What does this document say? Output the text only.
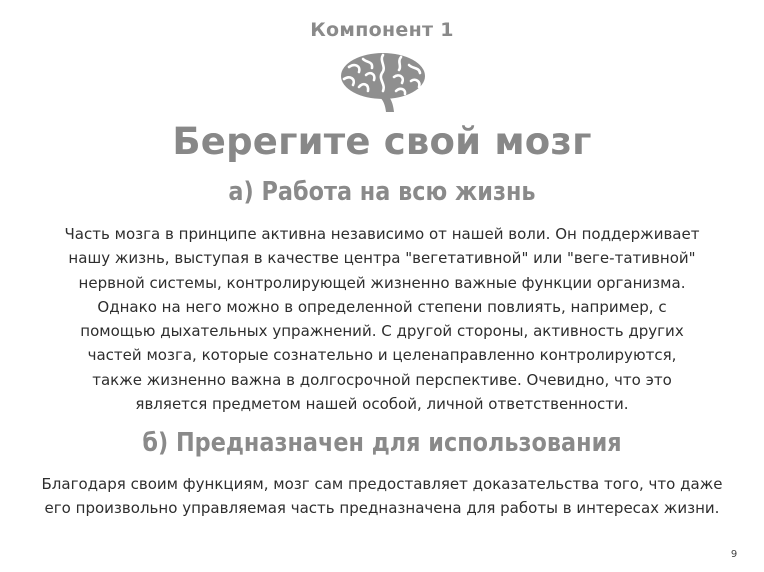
Компонент 1
Берегите свой мозг
а) Работа на всю жизнь
Часть мозга в принципе активна независимо от нашей воли. Он поддерживает
нашу жизнь, выступая в качестве центра "вегетативной" или "веге-тативной"
нервной системы, контролирующей жизненно важные функции организма.
Однако на него можно в определенной степени повлиять, например, с
помощью дыхательных упражнений. С другой стороны, активность других
частей мозга, которые сознательно и целенаправленно контролируются,
также жизненно важна в долгосрочной перспективе. Очевидно, что это
является предметом нашей особой, личной ответственности.
б) Предназначен для использования
Благодаря своим функциям, мозг сам предоставляет доказательства того, что даже
его произвольно управляемая часть предназначена для работы в интересах жизни.
9
